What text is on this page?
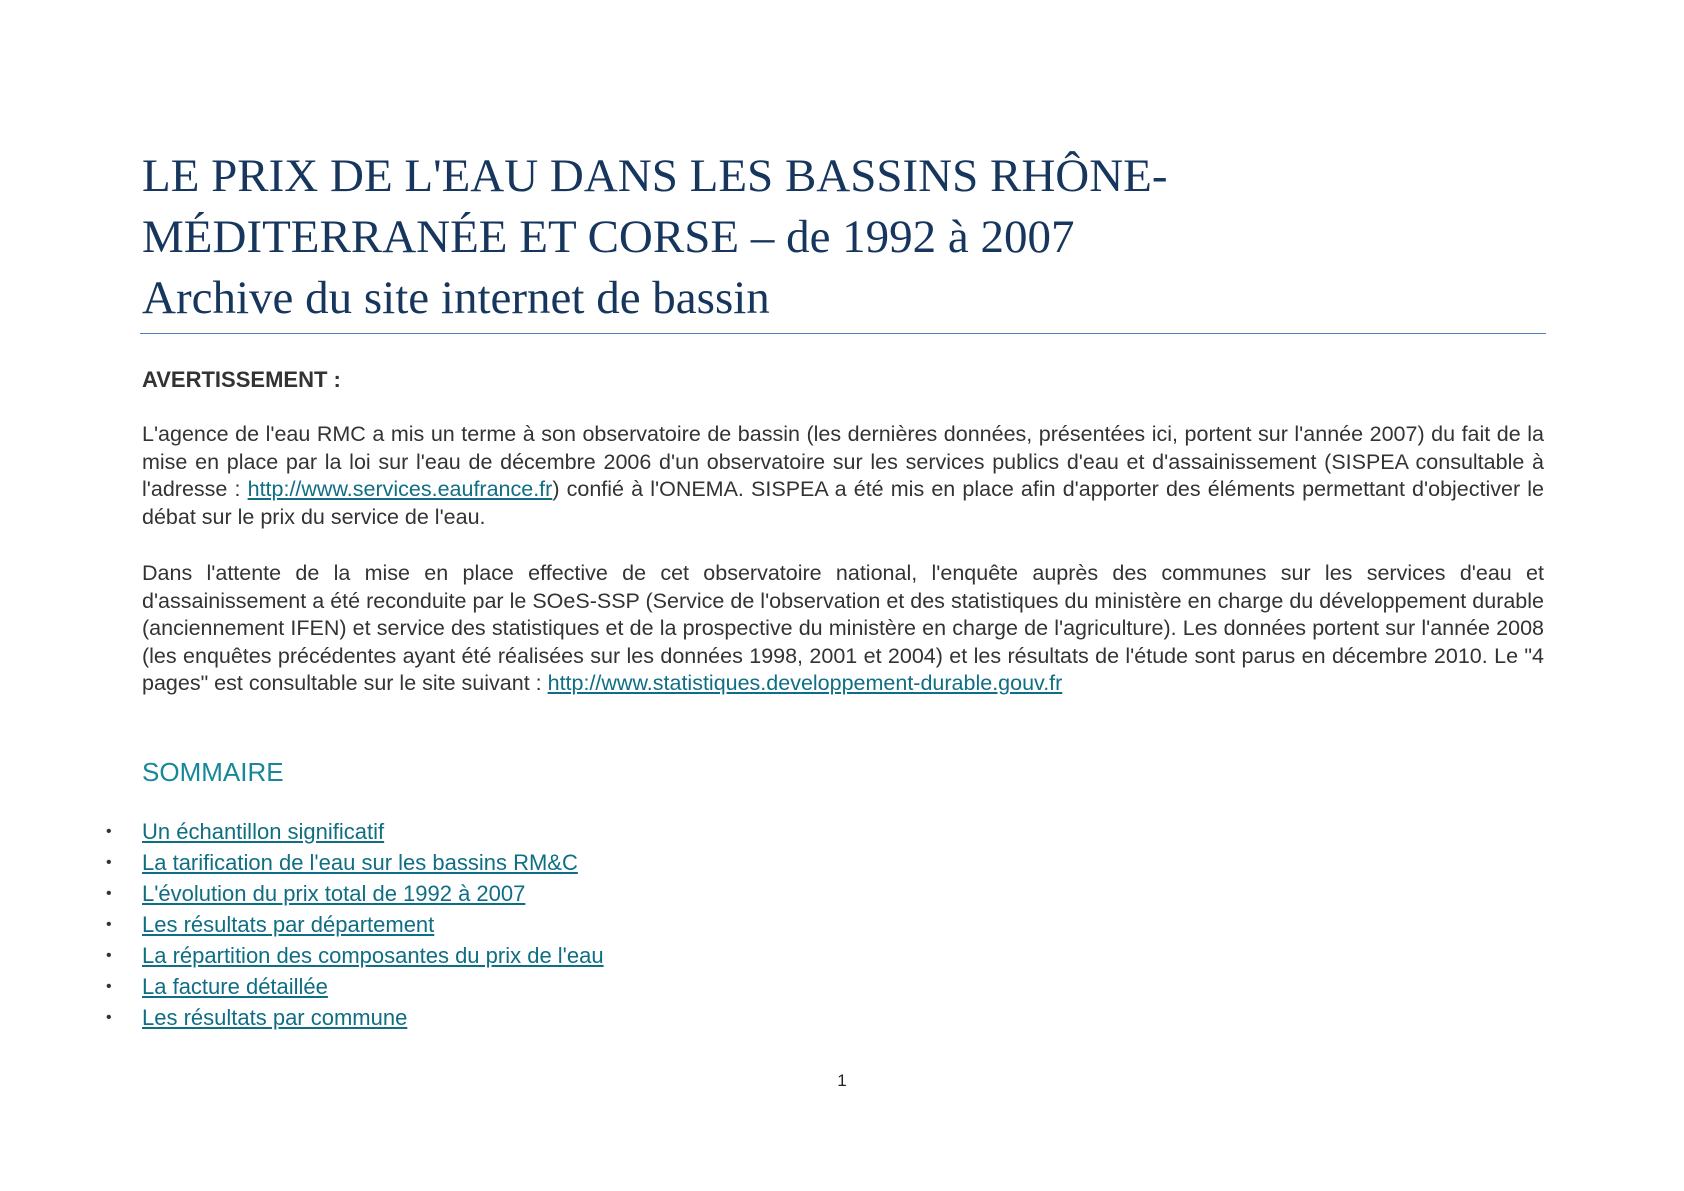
LE PRIX DE L'EAU DANS LES BASSINS RHÔNE-
MÉDITERRANÉE ET CORSE – de 1992 à 2007
Archive du site internet de bassin
AVERTISSEMENT :

L'agence de l'eau RMC a mis un terme à son observatoire de bassin (les dernières données, présentées ici, portent sur l'année 2007) du fait de la mise en place par la loi sur l'eau de décembre 2006 d'un observatoire sur les services publics d'eau et d'assainissement (SISPEA consultable à l'adresse : http://www.services.eaufrance.fr) confié à l'ONEMA. SISPEA a été mis en place afin d'apporter des éléments permettant d'objectiver le débat sur le prix du service de l'eau.

Dans l'attente de la mise en place effective de cet observatoire national, l'enquête auprès des communes sur les services d'eau et d'assainissement a été reconduite par le SOeS-SSP (Service de l'observation et des statistiques du ministère en charge du développement durable (anciennement IFEN) et service des statistiques et de la prospective du ministère en charge de l'agriculture). Les données portent sur l'année 2008 (les enquêtes précédentes ayant été réalisées sur les données 1998, 2001 et 2004) et les résultats de l'étude sont parus en décembre 2010. Le "4 pages" est consultable sur le site suivant : http://www.statistiques.developpement-durable.gouv.fr

SOMMAIRE
• Un échantillon significatif
• La tarification de l'eau sur les bassins RM&C
• L'évolution du prix total de 1992 à 2007
• Les résultats par département
• La répartition des composantes du prix de l'eau
• La facture détaillée
• Les résultats par commune
1
